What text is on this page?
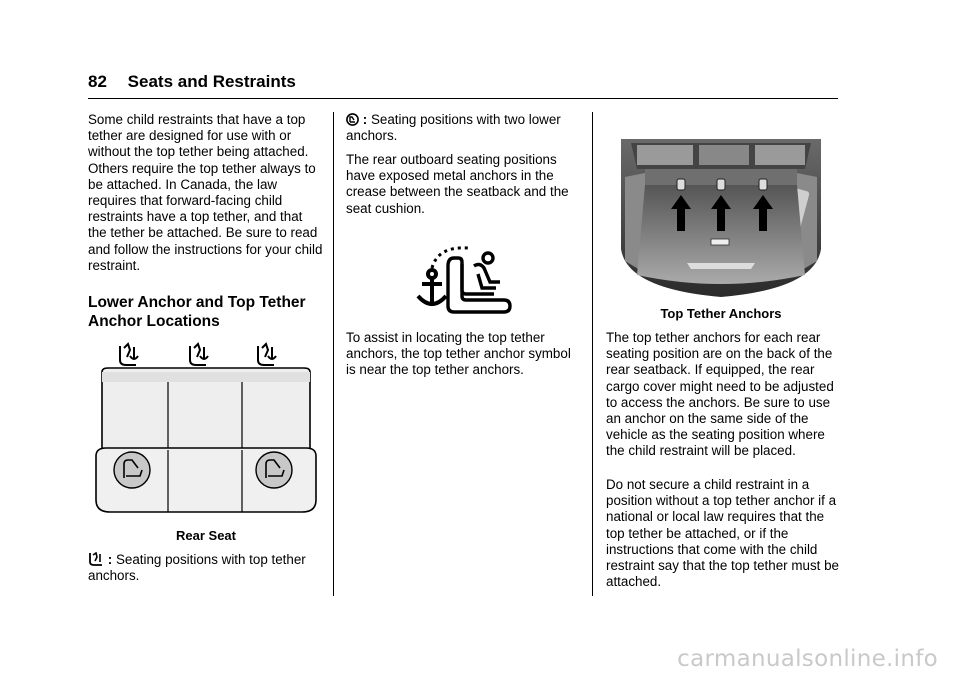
82 Seats and Restraints

Some child restraints that have a top tether are designed for use with or without the top tether being attached. Others require the top tether always to be attached. In Canada, the law requires that forward-facing child restraints have a top tether, and that the tether be attached. Be sure to read and follow the instructions for your child restraint.

Lower Anchor and Top Tether Anchor Locations

Rear Seat

: Seating positions with top tether anchors.

: Seating positions with two lower anchors.

The rear outboard seating positions have exposed metal anchors in the crease between the seatback and the seat cushion.

To assist in locating the top tether anchors, the top tether anchor symbol is near the top tether anchors.

Top Tether Anchors

The top tether anchors for each rear seating position are on the back of the rear seatback. If equipped, the rear cargo cover might need to be adjusted to access the anchors. Be sure to use an anchor on the same side of the vehicle as the seating position where the child restraint will be placed.

Do not secure a child restraint in a position without a top tether anchor if a national or local law requires that the top tether be attached, or if the instructions that come with the child restraint say that the top tether must be attached.

carmanualsonline.info
